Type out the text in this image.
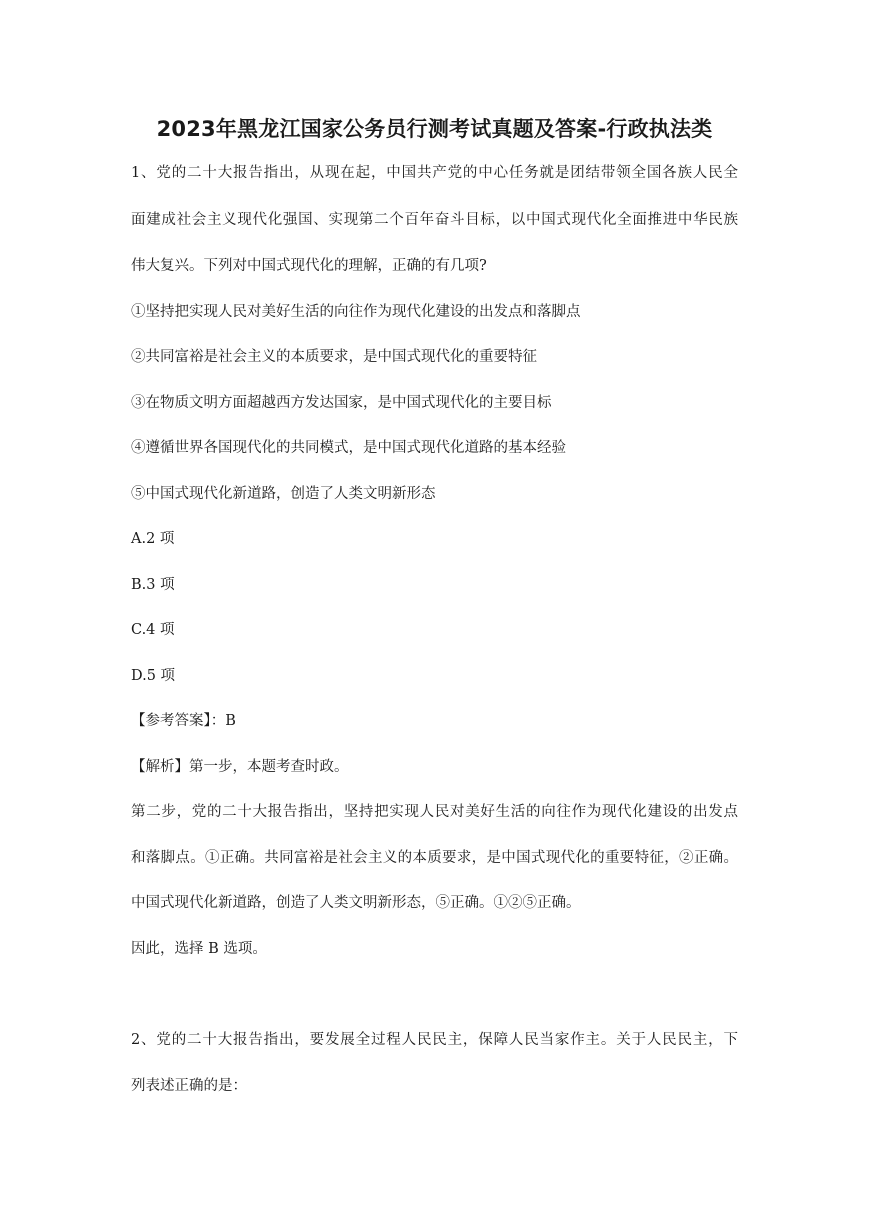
2023年黑龙江国家公务员行测考试真题及答案-行政执法类
1、党的二十大报告指出，从现在起，中国共产党的中心任务就是团结带领全国各族人民全
面建成社会主义现代化强国、实现第二个百年奋斗目标，以中国式现代化全面推进中华民族
伟大复兴。下列对中国式现代化的理解，正确的有几项?
①坚持把实现人民对美好生活的向往作为现代化建设的出发点和落脚点
②共同富裕是社会主义的本质要求，是中国式现代化的重要特征
③在物质文明方面超越西方发达国家，是中国式现代化的主要目标
④遵循世界各国现代化的共同模式，是中国式现代化道路的基本经验
⑤中国式现代化新道路，创造了人类文明新形态
A.2 项
B.3 项
C.4 项
D.5 项
【参考答案】：B
【解析】第一步，本题考查时政。
第二步，党的二十大报告指出，坚持把实现人民对美好生活的向往作为现代化建设的出发点
和落脚点。①正确。共同富裕是社会主义的本质要求，是中国式现代化的重要特征，②正确。
中国式现代化新道路，创造了人类文明新形态，⑤正确。①②⑤正确。
因此，选择 B 选项。
2、党的二十大报告指出，要发展全过程人民民主，保障人民当家作主。关于人民民主，下
列表述正确的是：
